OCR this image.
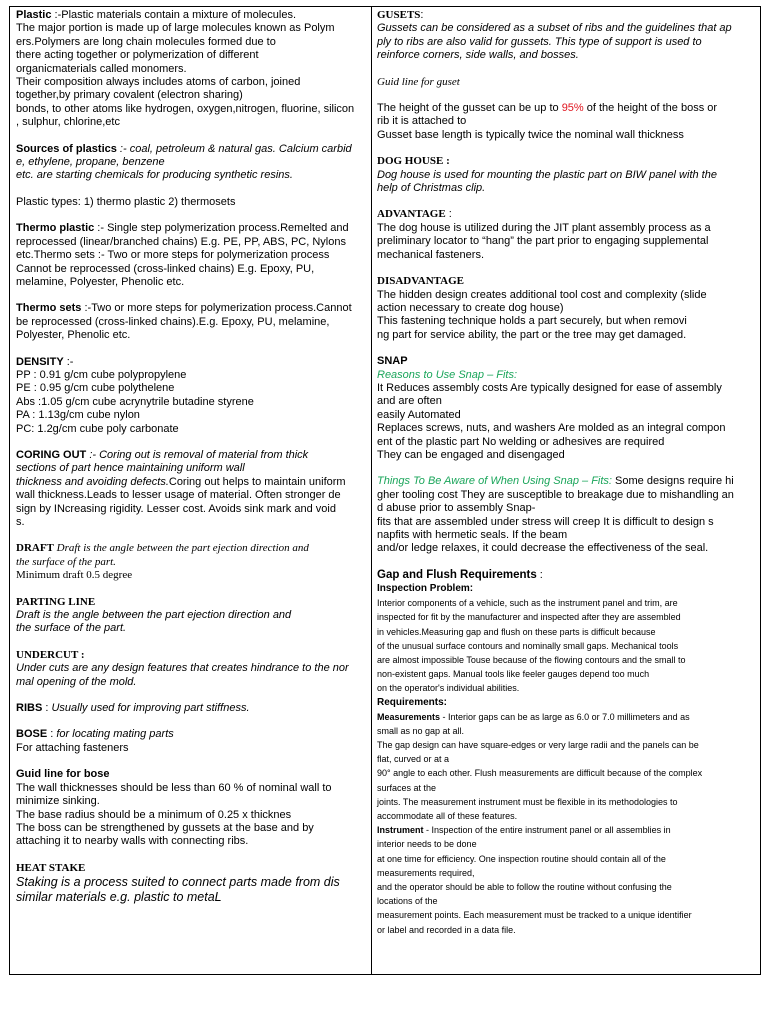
Plastic :-Plastic materials contain a mixture of molecules.
The major portion is made up of large molecules known as Polym
ers.Polymers are long chain molecules formed due to
there acting together or polymerization of different
organicmaterials called monomers.
Their composition always includes atoms of carbon, joined
together,by primary covalent (electron sharing)
bonds, to other atoms like hydrogen, oxygen,nitrogen, fluorine, silicon
, sulphur, chlorine,etc

Sources of plastics :- coal, petroleum & natural gas. Calcium carbid
e, ethylene, propane, benzene
etc. are starting chemicals for producing synthetic resins.

Plastic types: 1) thermo plastic 2) thermosets

Thermo plastic :- Single step polymerization process.Remelted and
reprocessed (linear/branched chains) E.g. PE, PP, ABS, PC, Nylons
etc.Thermo sets :- Two or more steps for polymerization process
Cannot be reprocessed (cross-linked chains) E.g. Epoxy, PU,
melamine, Polyester, Phenolic etc.

Thermo sets :-Two or more steps for polymerization process.Cannot
be reprocessed (cross-linked chains).E.g. Epoxy, PU, melamine,
Polyester, Phenolic etc.

DENSITY :-

PP : 0.91 g/cm cube polypropylene

PE : 0.95 g/cm cube polythelene

Abs :1.05 g/cm cube acrynytrile butadine styrene

PA : 1.13g/cm cube nylon

PC: 1.2g/cm cube poly carbonate

CORING OUT :- Coring out is removal of material from thick
sections of part hence maintaining uniform wall
thickness and avoiding defects.Coring out helps to maintain uniform
wall thickness.Leads to lesser usage of material. Often stronger de
sign by INcreasing rigidity. Lesser cost. Avoids sink mark and void
s.

DRAFT Draft is the angle between the part ejection direction and
the surface of the part.

Minimum draft 0.5 degree

PARTING LINE

Draft is the angle between the part ejection direction and
the surface of the part.

UNDERCUT :

Under cuts are any design features that creates hindrance to the nor
mal opening of the mold.

RIBS : Usually used for improving part stiffness.

BOSE : for locating mating parts

For attaching fasteners

Guid line for bose

The wall thicknesses should be less than 60 % of nominal wall to
minimize sinking.
The base radius should be a minimum of 0.25 x thicknes
The boss can be strengthened by gussets at the base and by
attaching it to nearby walls with connecting ribs.

HEAT STAKE

Staking is a process suited to connect parts made from dis
similar materials e.g. plastic to metaL

GUSETS:

Gussets can be considered as a subset of ribs and the guidelines that ap
ply to ribs are also valid for gussets. This type of support is used to
reinforce corners, side walls, and bosses.

Guid line for guset

The height of the gusset can be up to 95% of the height of the boss or
rib it is attached to
Gusset base length is typically twice the nominal wall thickness

DOG HOUSE :

Dog house is used for mounting the plastic part on BIW panel with the
help of Christmas clip.

ADVANTAGE :

The dog house is utilized during the JIT plant assembly process as a
preliminary locator to “hang” the part prior to engaging supplemental
mechanical fasteners.

DISADVANTAGE

The hidden design creates additional tool cost and complexity (slide
action necessary to create dog house)
This fastening technique holds a part securely, but when removi
ng part for service ability, the part or the tree may get damaged.

SNAP

Reasons to Use Snap – Fits:

It Reduces assembly costs Are typically designed for ease of assembly
and are often
easily Automated
Replaces screws, nuts, and washers Are molded as an integral compon
ent of the plastic part No welding or adhesives are required
They can be engaged and disengaged

Things To Be Aware of When Using Snap – Fits: Some designs require hi
gher tooling cost They are susceptible to breakage due to mishandling an
d abuse prior to assembly Snap-
fits that are assembled under stress will creep It is difficult to design s
napfits with hermetic seals. If the beam
and/or ledge relaxes, it could decrease the effectiveness of the seal.

Gap and Flush Requirements :

Inspection Problem:

Interior components of a vehicle, such as the instrument panel and trim, are
inspected for fit by the manufacturer and inspected after they are assembled
in vehicles.Measuring gap and flush on these parts is difficult because
of the unusual surface contours and nominally small gaps. Mechanical tools
are almost impossible Touse because of the flowing contours and the small to
non-existent gaps. Manual tools like feeler gauges depend too much
on the operator's individual abilities.

Requirements:

Measurements - Interior gaps can be as large as 6.0 or 7.0 millimeters and as
small as no gap at all.
The gap design can have square-edges or very large radii and the panels can be
flat, curved or at a
90° angle to each other. Flush measurements are difficult because of the complex
surfaces at the
joints. The measurement instrument must be flexible in its methodologies to
accommodate all of these features.

Instrument - Inspection of the entire instrument panel or all assemblies in
interior needs to be done
at one time for efficiency. One inspection routine should contain all of the
measurements required,
and the operator should be able to follow the routine without confusing the
locations of the
measurement points. Each measurement must be tracked to a unique identifier
or label and recorded in a data file.
